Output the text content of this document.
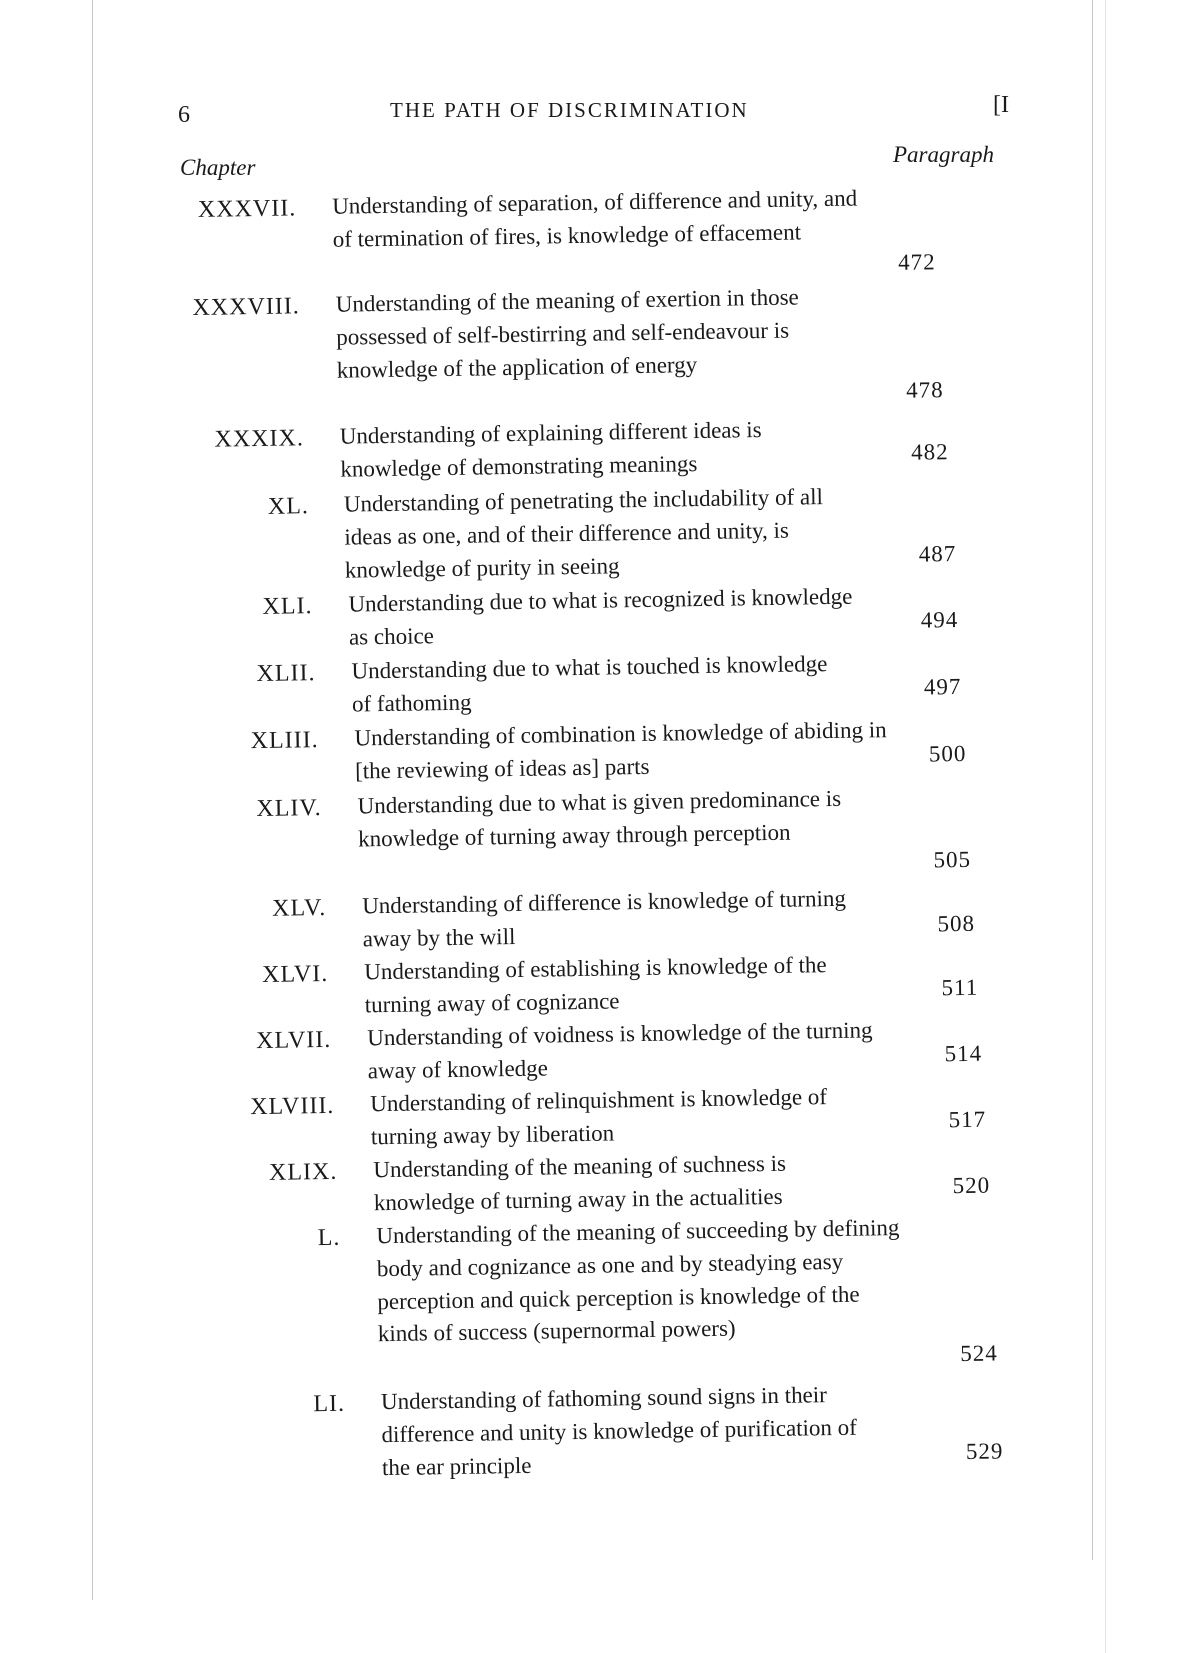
6	THE PATH OF DISCRIMINATION	[I
Chapter
Paragraph
XXXVII. Understanding of separation, of difference and unity, and of termination of fires, is knowledge of effacement
472
XXXVIII. Understanding of the meaning of exertion in those possessed of self-bestirring and self-endeavour is knowledge of the application of energy
478
XXXIX. Understanding of explaining different ideas is knowledge of demonstrating meanings	482
XL. Understanding of penetrating the includability of all ideas as one, and of their difference and unity, is knowledge of purity in seeing	487
XLI. Understanding due to what is recognized is knowledge as choice
494
XLII. Understanding due to what is touched is knowledge of fathoming
497
XLIII. Understanding of combination is knowledge of abiding in [the reviewing of ideas as] parts	500
XLIV. Understanding due to what is given predominance is knowledge of turning away through perception
505
XLV. Understanding of difference is knowledge of turning away by the will
508
XLVI. Understanding of establishing is knowledge of the turning away of cognizance
511
XLVII. Understanding of voidness is knowledge of the turning away of knowledge
514
XLVIII. Understanding of relinquishment is knowledge of turning away by liberation
517
XLIX. Understanding of the meaning of suchness is knowledge of turning away in the actualities	520
L. Understanding of the meaning of succeeding by defining body and cognizance as one and by steadying easy perception and quick perception is knowledge of the kinds of success (supernormal powers)
524
LI. Understanding of fathoming sound signs in their difference and unity is knowledge of purification of the ear principle
529
